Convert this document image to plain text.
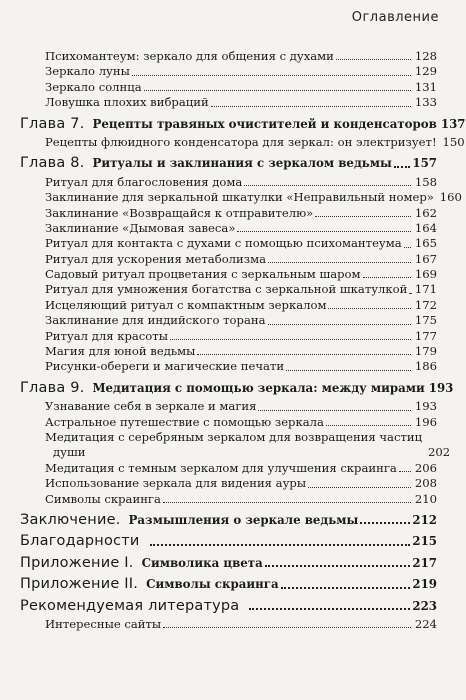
Оглавление
Психомантеум: зеркало для общения с духами	128
Зеркало луны	129
Зеркало солнца	131
Ловушка плохих вибраций	133
Глава 7. Рецепты травяных очистителей и конденсаторов 137
Рецепты флюидного конденсатора для зеркал: он электризует! 150
Глава 8. Ритуалы и заклинания с зеркалом ведьмы 157
Ритуал для благословения дома	158
Заклинание для зеркальной шкатулки «Неправильный номер» 160
Заклинание «Возвращайся к отправителю»	162
Заклинание «Дымовая завеса»	164
Ритуал для контакта с духами с помощью психомантеума 165
Ритуал для ускорения метаболизма	167
Садовый ритуал процветания с зеркальным шаром	169
Ритуал для умножения богатства с зеркальной шкатулкой 171
Исцеляющий ритуал с компактным зеркалом	172
Заклинание для индийского торана	175
Ритуал для красоты	177
Магия для юной ведьмы	179
Рисунки-обереги и магические печати	186
Глава 9. Медитация с помощью зеркала: между мирами 193
Узнавание себя в зеркале и магия	193
Астральное путешествие с помощью зеркала	196
Медитация с серебряным зеркалом для возвращения частиц
души	202
Медитация с темным зеркалом для улучшения скраинга 206
Использование зеркала для видения ауры	208
Символы скраинга	210
Заключение. Размышления о зеркале ведьмы	212
Благодарности	215
Приложение I. Символика цвета	217
Приложение II. Символы скраинга	219
Рекомендуемая литература	223
Интересные сайты	224
